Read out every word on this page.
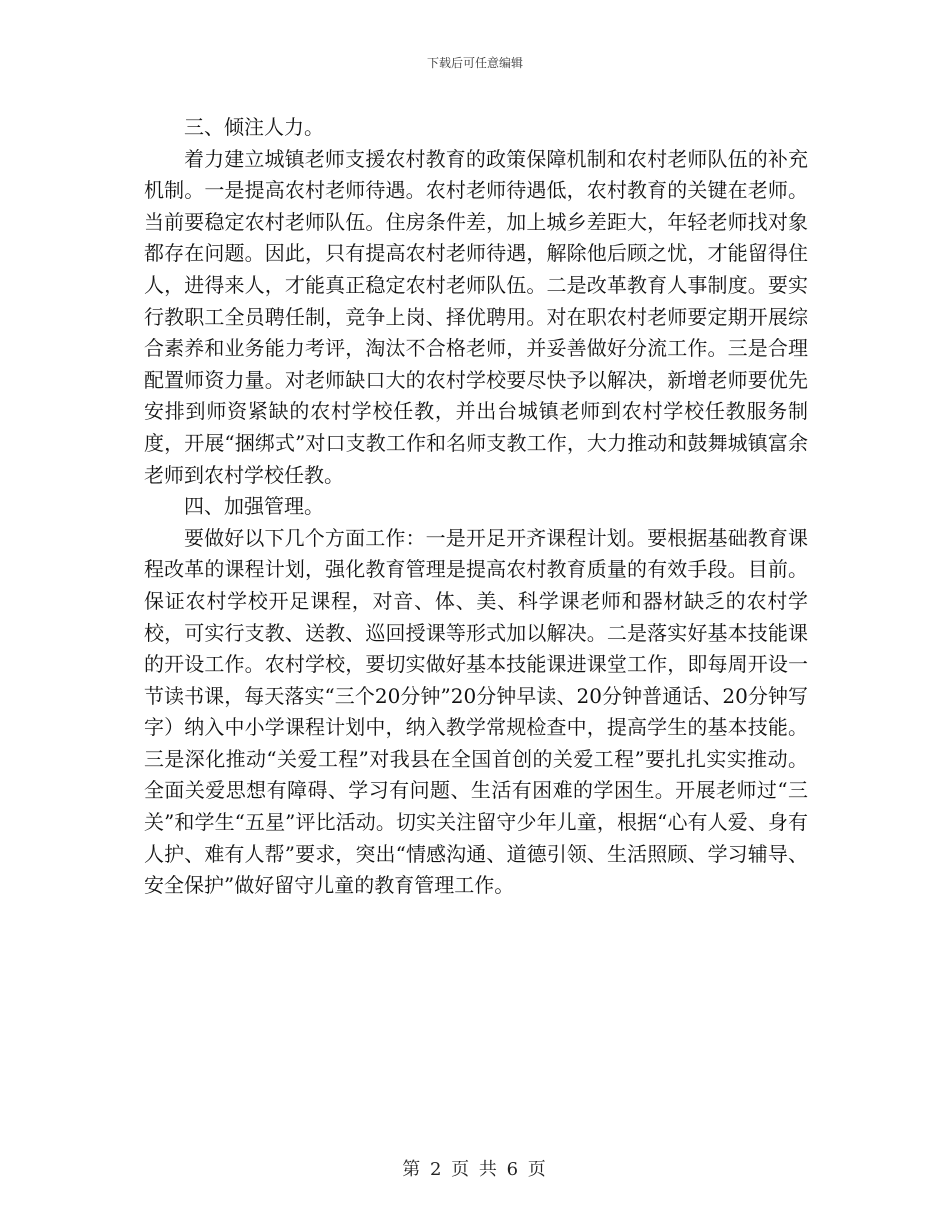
下载后可任意编辑

三、倾注人力。

着力建立城镇老师支援农村教育的政策保障机制和农村老师队伍的补充机制。一是提高农村老师待遇。农村老师待遇低，农村教育的关键在老师。当前要稳定农村老师队伍。住房条件差，加上城乡差距大，年轻老师找对象都存在问题。因此，只有提高农村老师待遇，解除他后顾之忧，才能留得住人，进得来人，才能真正稳定农村老师队伍。二是改革教育人事制度。要实行教职工全员聘任制，竞争上岗、择优聘用。对在职农村老师要定期开展综合素养和业务能力考评，淘汰不合格老师，并妥善做好分流工作。三是合理配置师资力量。对老师缺口大的农村学校要尽快予以解决，新增老师要优先安排到师资紧缺的农村学校任教，并出台城镇老师到农村学校任教服务制度，开展“捆绑式”对口支教工作和名师支教工作，大力推动和鼓舞城镇富余老师到农村学校任教。

四、加强管理。

要做好以下几个方面工作：一是开足开齐课程计划。要根据基础教育课程改革的课程计划，强化教育管理是提高农村教育质量的有效手段。目前。保证农村学校开足课程，对音、体、美、科学课老师和器材缺乏的农村学校，可实行支教、送教、巡回授课等形式加以解决。二是落实好基本技能课的开设工作。农村学校，要切实做好基本技能课进课堂工作，即每周开设一节读书课，每天落实“三个20分钟”20分钟早读、20分钟普通话、20分钟写字）纳入中小学课程计划中，纳入教学常规检查中，提高学生的基本技能。三是深化推动“关爱工程”对我县在全国首创的关爱工程”要扎扎实实推动。全面关爱思想有障碍、学习有问题、生活有困难的学困生。开展老师过“三关”和学生“五星”评比活动。切实关注留守少年儿童，根据“心有人爱、身有人护、难有人帮”要求，突出“情感沟通、道德引领、生活照顾、学习辅导、安全保护”做好留守儿童的教育管理工作。

第 2 页 共 6 页
